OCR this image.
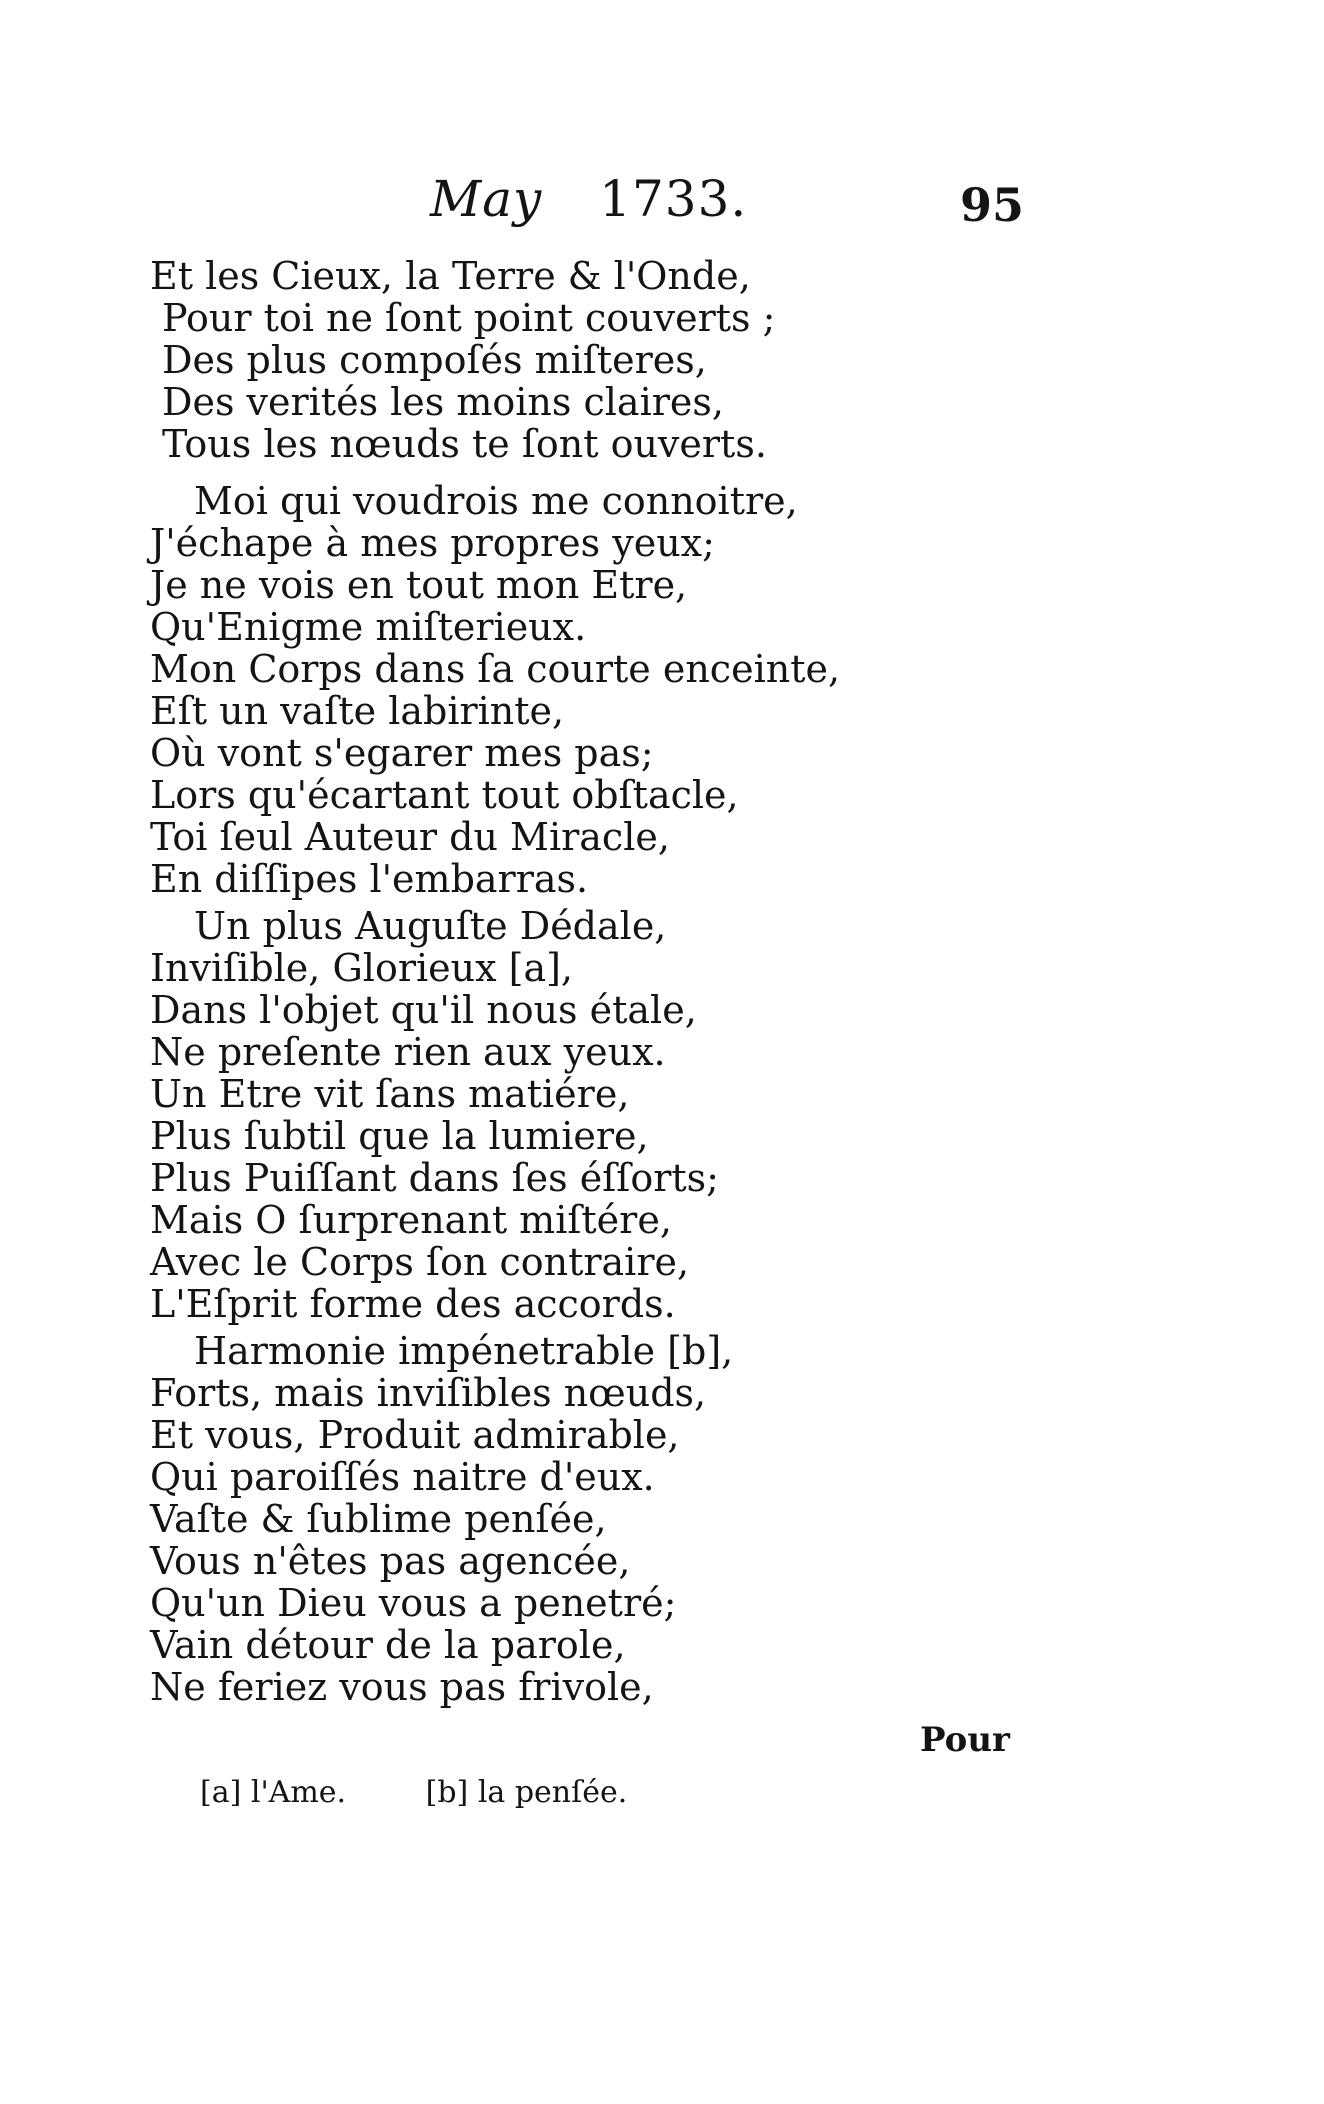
May 1733.	95
Et les Cieux, la Terre & l'Onde,
Pour toi ne ſont point couverts ;
Des plus compoſés miſteres,
Des verités les moins claires,
Tous les nœuds te ſont ouverts.
Moi qui voudrois me connoitre,
J'échape à mes propres yeux;
Je ne vois en tout mon Etre,
Qu'Enigme miſterieux.
Mon Corps dans ſa courte enceinte,
Eſt un vaſte labirinte,
Où vont s'egarer mes pas;
Lors qu'écartant tout obſtacle,
Toi ſeul Auteur du Miracle,
En diſſipes l'embarras.
Un plus Auguſte Dédale,
Inviſible, Glorieux [a],
Dans l'objet qu'il nous étale,
Ne preſente rien aux yeux.
Un Etre vit ſans matiére,
Plus ſubtil que la lumiere,
Plus Puiſſant dans ſes éſſorts;
Mais O ſurprenant miſtére,
Avec le Corps ſon contraire,
L'Eſprit forme des accords.
Harmonie impénetrable [b],
Forts, mais inviſibles nœuds,
Et vous, Produit admirable,
Qui paroiſſés naitre d'eux.
Vaſte & ſublime penſée,
Vous n'êtes pas agencée,
Qu'un Dieu vous a penetré;
Vain détour de la parole,
Ne feriez vous pas frivole,
Pour
[a] l'Ame.	[b] la penſée.
